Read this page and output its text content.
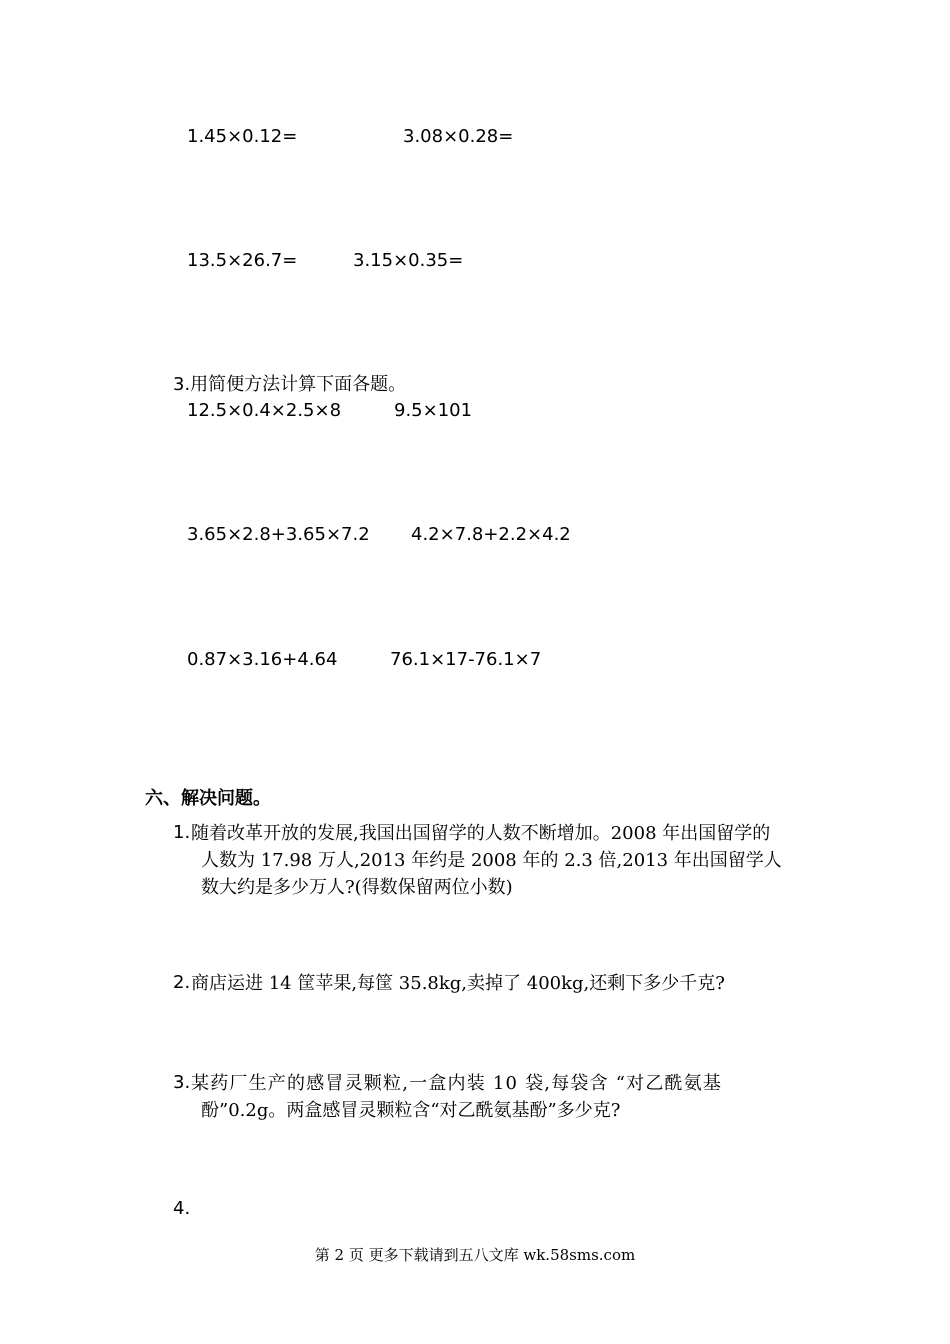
1.45×0.12=	3.08×0.28=
13.5×26.7=	3.15×0.35=
3.用简便方法计算下面各题。
12.5×0.4×2.5×8	9.5×101
3.65×2.8+3.65×7.2 4.2×7.8+2.2×4.2
0.87×3.16+4.64	76.1×17-76.1×7
六、解决问题。
1. 随着改革开放的发展,我国出国留学的人数不断增加。2008 年出国留学的
人数为 17.98 万人,2013 年约是 2008 年的 2.3 倍,2013 年出国留学人
数大约是多少万人?(得数保留两位小数)
2. 商店运进 14 筐苹果,每筐 35.8kg,卖掉了 400kg,还剩下多少千克?
3. 某药厂生产的感冒灵颗粒,一盒内装 10 袋,每袋含 “对乙酰氨基
酚”0.2g。两盒感冒灵颗粒含“对乙酰氨基酚”多少克?
4.
第 2 页 更多下载请到五八文库 wk.58sms.com
